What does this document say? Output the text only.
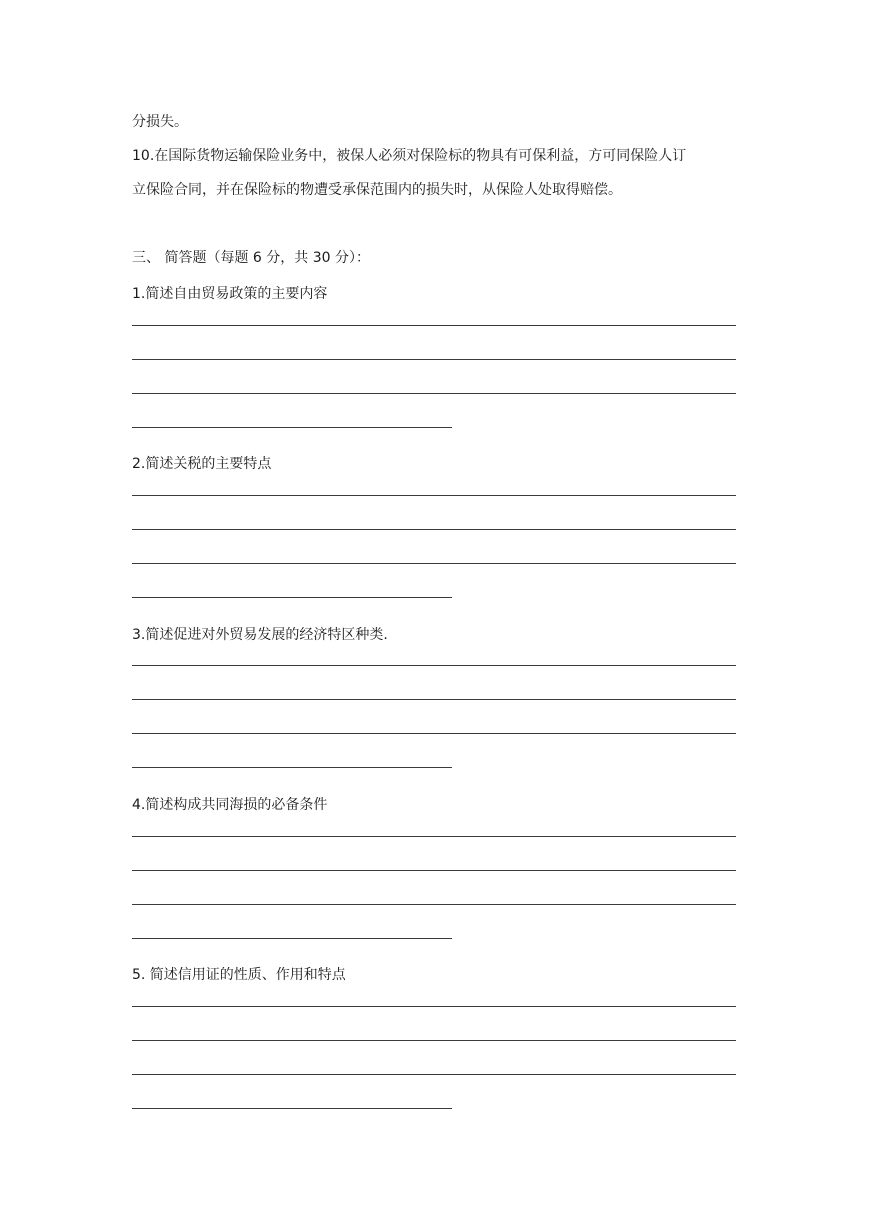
分损失。
10.在国际货物运输保险业务中，被保人必须对保险标的物具有可保利益，方可同保险人订
立保险合同，并在保险标的物遭受承保范围内的损失时，从保险人处取得赔偿。
三、 简答题（每题 6 分，共 30 分）：
1.简述自由贸易政策的主要内容
2.简述关税的主要特点
3.简述促进对外贸易发展的经济特区种类.
4.简述构成共同海损的必备条件
5. 简述信用证的性质、作用和特点
